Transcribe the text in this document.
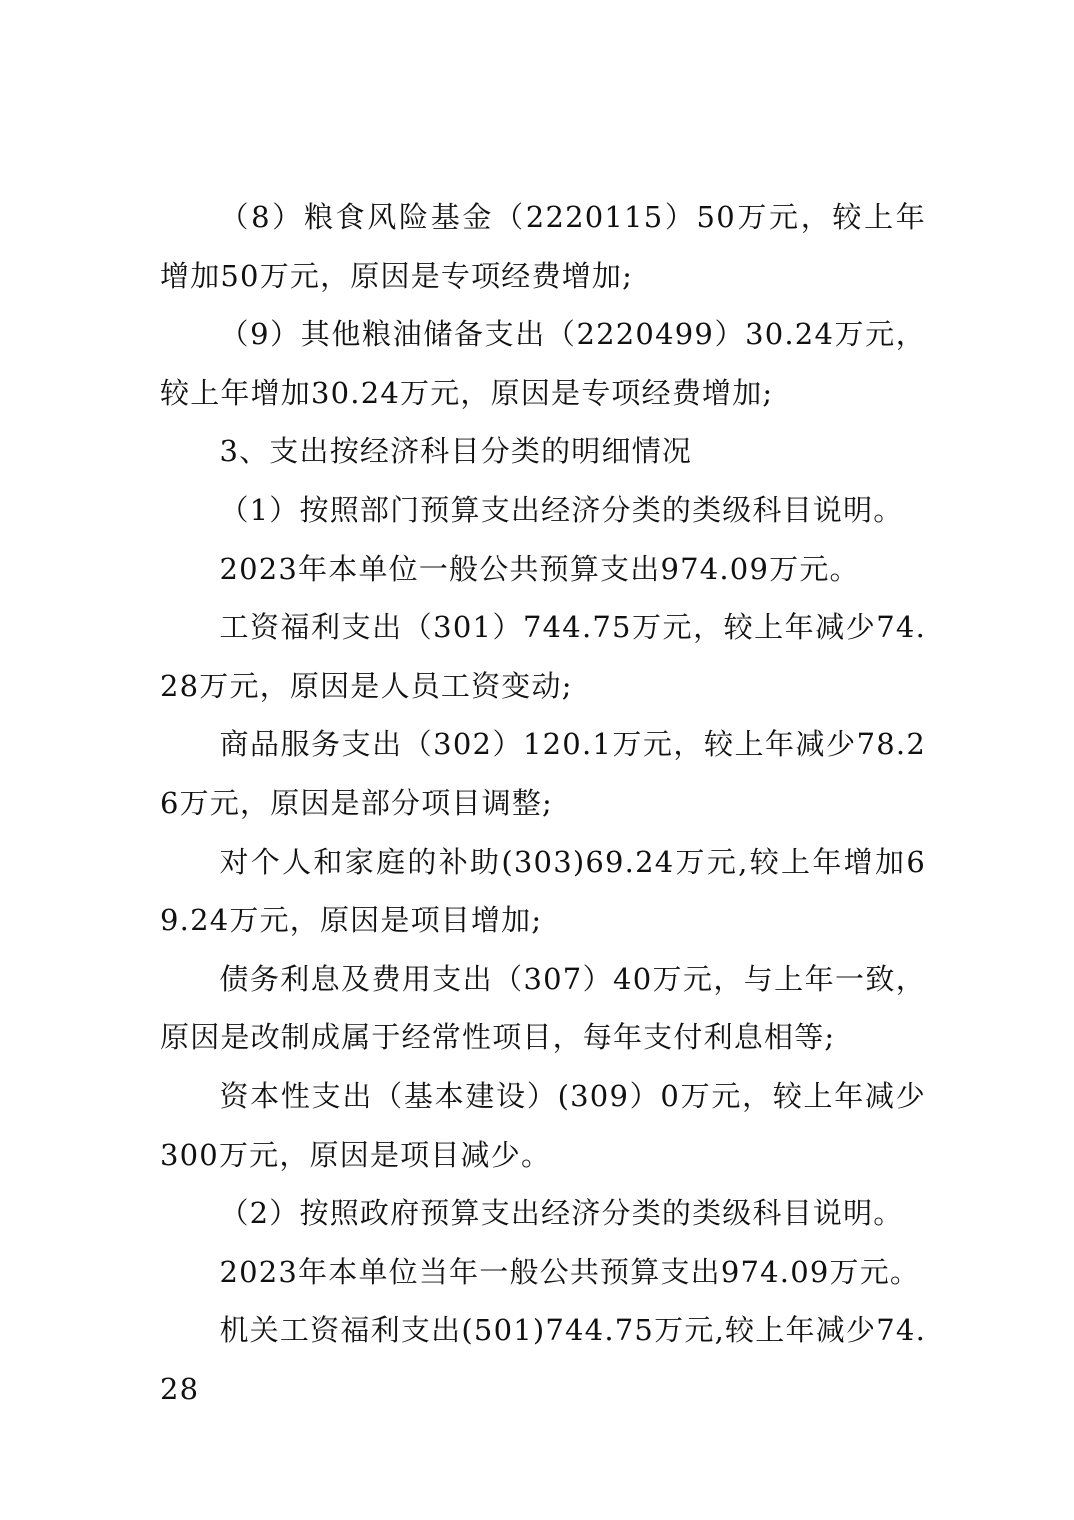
（8）粮食风险基金（2220115）50万元，较上年增加50万元，原因是专项经费增加;

（9）其他粮油储备支出（2220499）30.24万元，较上年增加30.24万元，原因是专项经费增加;

3、支出按经济科目分类的明细情况

（1）按照部门预算支出经济分类的类级科目说明。

2023年本单位一般公共预算支出974.09万元。

工资福利支出（301）744.75万元，较上年减少74.28万元，原因是人员工资变动;

商品服务支出（302）120.1万元，较上年减少78.26万元，原因是部分项目调整;

对个人和家庭的补助(303)69.24万元,较上年增加69.24万元，原因是项目增加;

债务利息及费用支出（307）40万元，与上年一致，原因是改制成属于经常性项目，每年支付利息相等;

资本性支出（基本建设）(309）0万元，较上年减少300万元，原因是项目减少。

（2）按照政府预算支出经济分类的类级科目说明。

2023年本单位当年一般公共预算支出974.09万元。

机关工资福利支出(501)744.75万元,较上年减少74.28
